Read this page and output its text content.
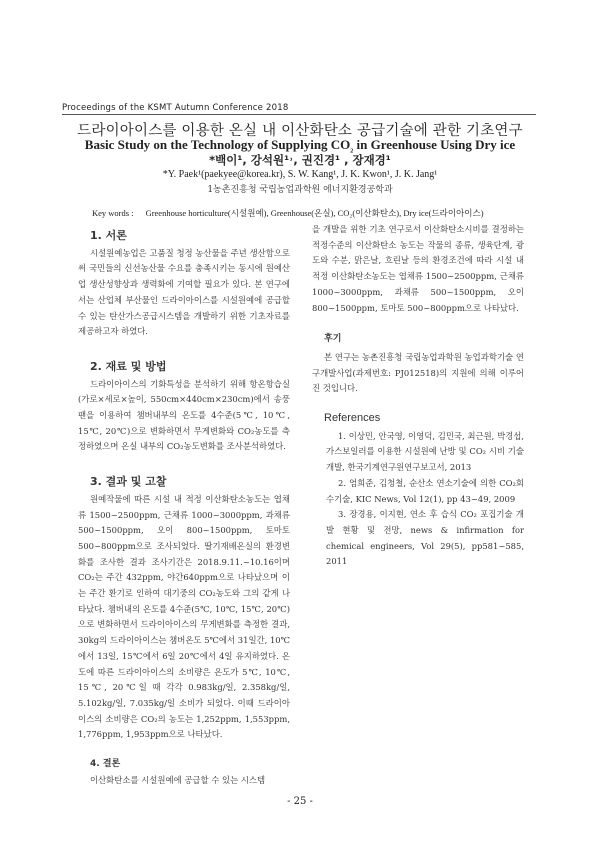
Proceedings of the KSMT Autumn Conference 2018
드라이아이스를 이용한 온실 내 이산화탄소 공급기술에 관한 기초연구
Basic Study on the Technology of Supplying $CO_2$ in Greenhouse Using Dry ice
*백이¹, 강석원¹˒, 권진경¹ , 장재경¹
*Y. Paek¹(paekyee@korea.kr), S. W. Kang¹, J. K. Kwon¹, J. K. Jang¹
1농촌진흥청 국립농업과학원 에너지환경공학과
Key words : Greenhouse horticulture(시설원예), Greenhouse(온실), CO₂(이산화탄소), Dry ice(드라이아이스)

1. 서론

시설원예농업은 고품질 청정 농산물을 주년 생산함으로써 국민들의 신선농산물 수요를 충족시키는 동시에 원예산업 생산성향상과 생력화에 기여할 필요가 있다. 본 연구에서는 산업체 부산물인 드라이아이스를 시설원예에 공급할 수 있는 탄산가스공급시스템을 개발하기 위한 기초자료를 제공하고자 하였다.

2. 재료 및 방법

드라이아이스의 기화특성을 분석하기 위해 항온항습실 (가로×세로×높이, 550cm×440cm×230cm)에서 송풍팬을 이용하여 챔버내부의 온도를 4수준(5℃, 10℃, 15℃, 20℃)으로 변화하면서 무게변화와 CO₂농도를 측정하였으며 온실 내부의 CO₂농도변화를 조사분석하였다.

3. 결과 및 고찰

원예작물에 따른 시설 내 적정 이산화탄소농도는 엽채류 1500~2500ppm, 근채류 1000~3000ppm, 과채류 500~1500ppm, 오이 800~1500ppm, 토마토 500~800ppm으로 조사되었다. 딸기재배온실의 환경변화를 조사한 결과 조사기간은 2018.9.11.~10.16이며 CO₂는 주간 432ppm, 야간640ppm으로 나타났으며 이는 주간 환기로 인하여 대기중의 CO₂농도와 그의 같게 나타났다. 챔버내의 온도를 4수준(5℃, 10℃, 15℃, 20℃)으로 변화하면서 드라이아이스의 무게변화를 측정한 결과, 30kg의 드라이아이스는 챔버온도 5℃에서 31일간, 10℃에서 13일, 15℃에서 6일 20℃에서 4일 유지하였다. 온도에 따른 드라이아이스의 소비량은 온도가 5℃, 10℃, 15℃, 20℃일 때 각각 0.983kg/일, 2.358kg/일, 5.102kg/일, 7.035kg/일 소비가 되었다. 이때 드라이아이스의 소비량은 CO₂의 농도는 1,252ppm, 1,553ppm, 1,776ppm, 1,953ppm으로 나타났다.

4. 결론

이산화탄소를 시설원예에 공급할 수 있는 시스템

을 개발을 위한 기초 연구로서 이산화탄소시비를 결정하는 적정수준의 이산화탄소 농도는 작물의 종류, 생육단계, 광도와 수분, 맑은날, 흐린날 등의 환경조건에 따라 시설 내 적정 이산화탄소농도는 엽채류 1500~2500ppm, 근채류 1000~3000ppm, 과채류 500~1500ppm, 오이 800~1500ppm, 토마토 500~800ppm으로 나타났다.

후기

본 연구는 농촌진흥청 국립농업과학원 농업과학기술 연구개발사업(과제번호: PJ012518)의 지원에 의해 이루어진 것입니다.

References

1. 이상민, 안국영, 이영덕, 김민국, 최근원, 박경섭, 가스보일러를 이용한 시설원예 난방 및 CO₂ 시비 기술 개발, 한국기계연구원연구보고서, 2013

2. 엄희준, 김청철, 순산소 연소기술에 의한 CO₂회수기술, KIC News, Vol 12(1), pp 43~49, 2009

3. 장경용, 이지현, 연소 후 습식 CO₂ 포집기술 개발 현황 및 전망, news & infirmation for chemical engineers, Vol 29(5), pp581~585, 2011

- 25 -
